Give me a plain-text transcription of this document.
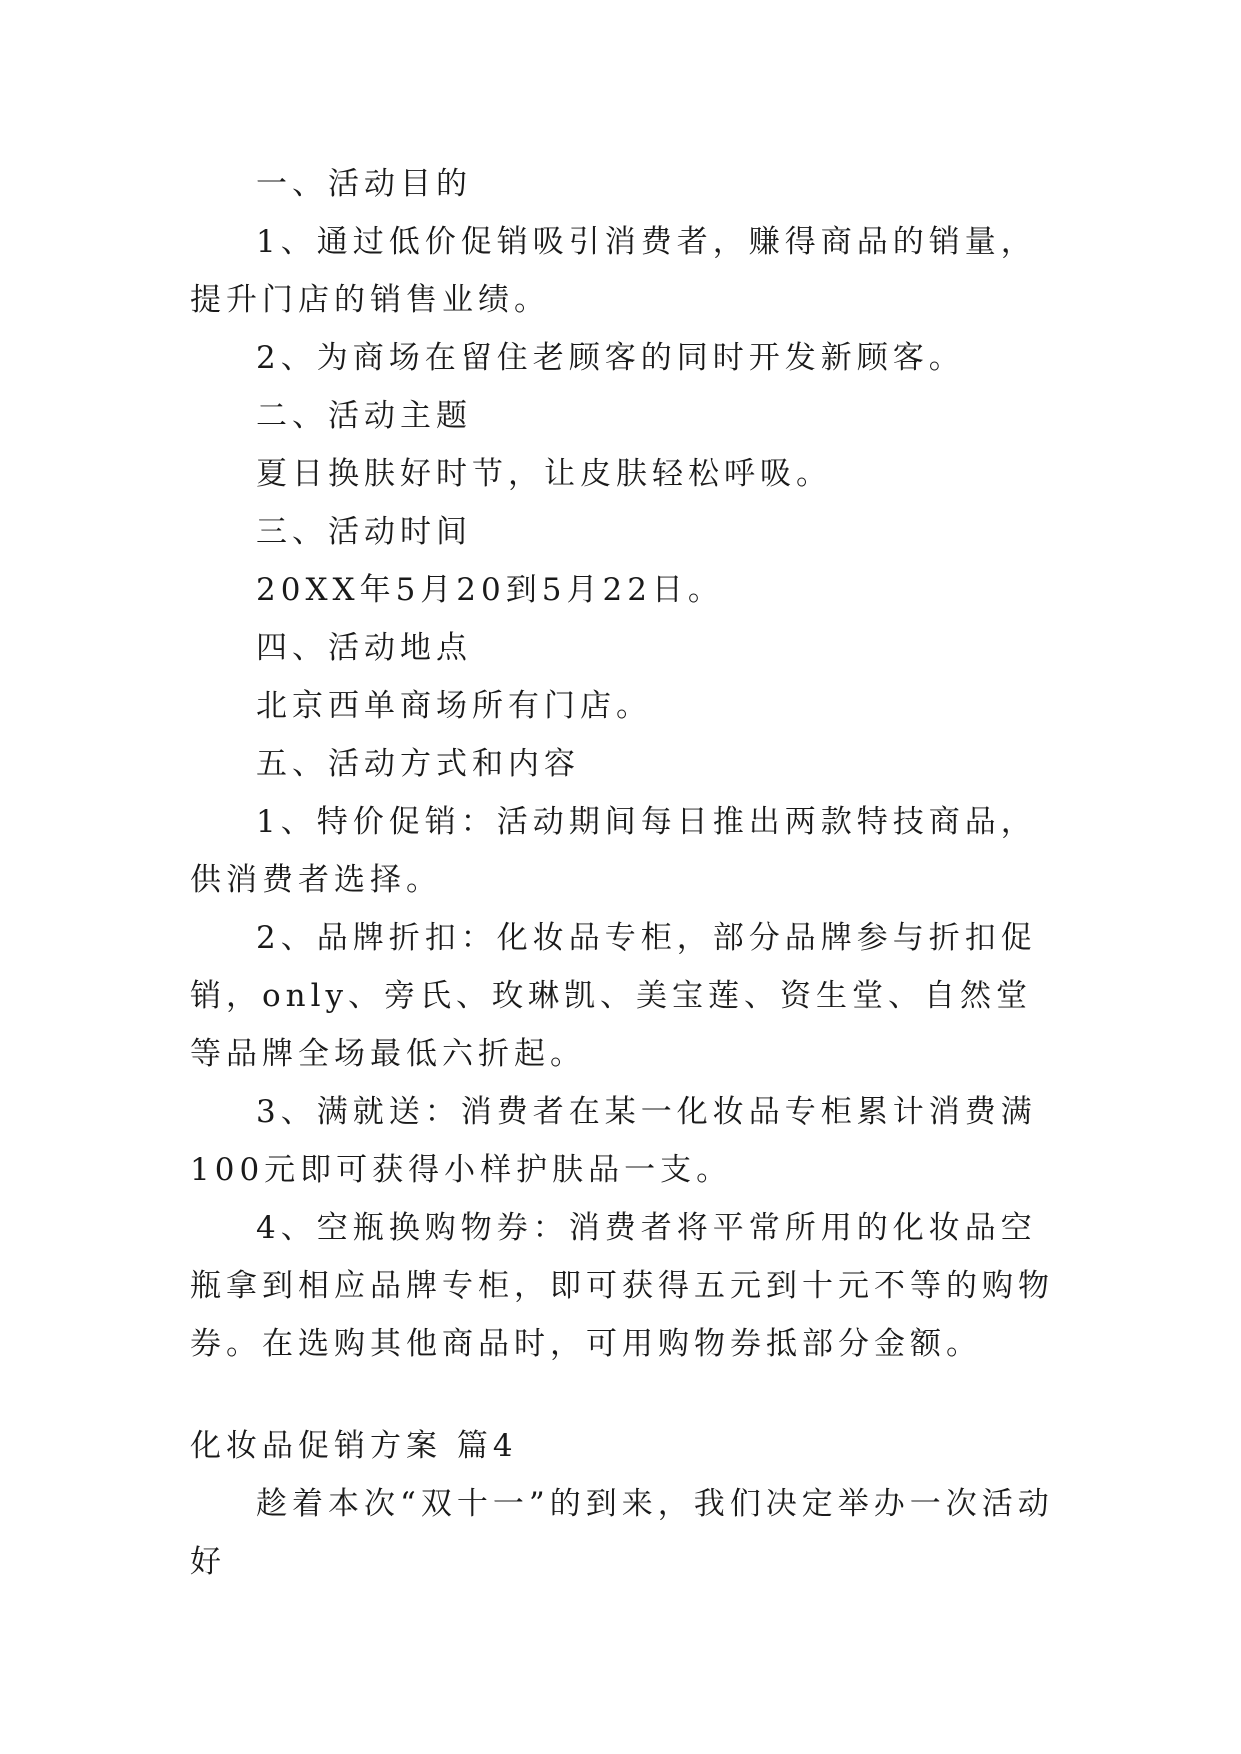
一、活动目的

1、通过低价促销吸引消费者，赚得商品的销量，提升门店的销售业绩。

2、为商场在留住老顾客的同时开发新顾客。

二、活动主题

夏日换肤好时节，让皮肤轻松呼吸。

三、活动时间

20XX年5月20到5月22日。

四、活动地点

北京西单商场所有门店。

五、活动方式和内容

1、特价促销：活动期间每日推出两款特技商品，供消费者选择。

2、品牌折扣：化妆品专柜，部分品牌参与折扣促销，only、旁氏、玫琳凯、美宝莲、资生堂、自然堂等品牌全场最低六折起。

3、满就送：消费者在某一化妆品专柜累计消费满100元即可获得小样护肤品一支。

4、空瓶换购物券：消费者将平常所用的化妆品空瓶拿到相应品牌专柜，即可获得五元到十元不等的购物券。在选购其他商品时，可用购物券抵部分金额。

化妆品促销方案 篇4

趁着本次“双十一”的到来，我们决定举办一次活动好
